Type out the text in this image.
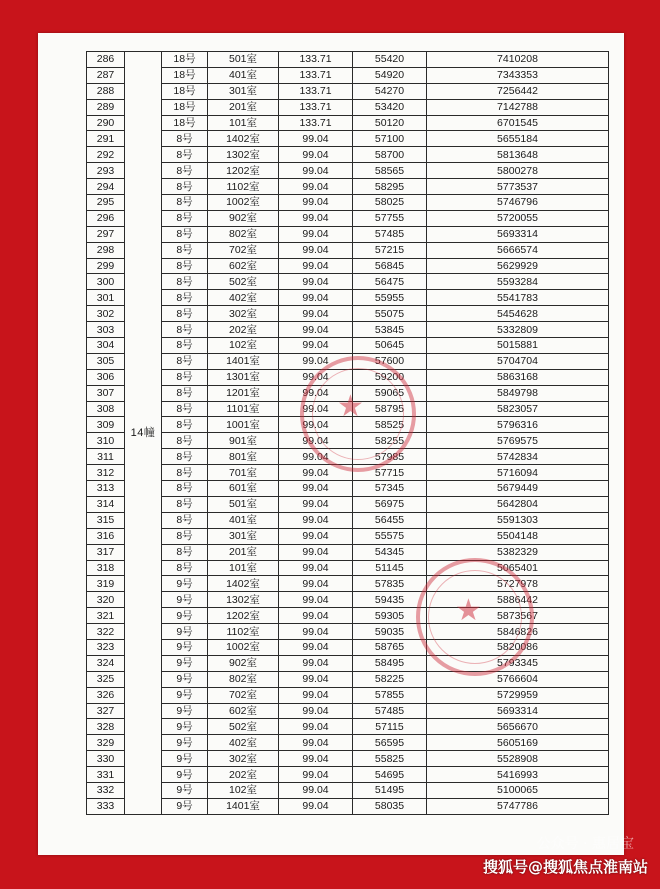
286	14幢	18号	501室	133.71	55420	7410208
287		18号	401室	133.71	54920	7343353
288		18号	301室	133.71	54270	7256442
289		18号	201室	133.71	53420	7142788
290		18号	101室	133.71	50120	6701545
291		8号	1402室	99.04	57100	5655184
292		8号	1302室	99.04	58700	5813648
293		8号	1202室	99.04	58565	5800278
294		8号	1102室	99.04	58295	5773537
295		8号	1002室	99.04	58025	5746796
296		8号	902室	99.04	57755	5720055
297		8号	802室	99.04	57485	5693314
298		8号	702室	99.04	57215	5666574
299		8号	602室	99.04	56845	5629929
300		8号	502室	99.04	56475	5593284
301		8号	402室	99.04	55955	5541783
302		8号	302室	99.04	55075	5454628
303		8号	202室	99.04	53845	5332809
304		8号	102室	99.04	50645	5015881
305		8号	1401室	99.04	57600	5704704
306		8号	1301室	99.04	59200	5863168
307		8号	1201室	99.04	59065	5849798
308		8号	1101室	99.04	58795	5823057
309		8号	1001室	99.04	58525	5796316
310		8号	901室	99.04	58255	5769575
311		8号	801室	99.04	57985	5742834
312		8号	701室	99.04	57715	5716094
313		8号	601室	99.04	57345	5679449
314		8号	501室	99.04	56975	5642804
315		8号	401室	99.04	56455	5591303
316		8号	301室	99.04	55575	5504148
317		8号	201室	99.04	54345	5382329
318		8号	101室	99.04	51145	5065401
319		9号	1402室	99.04	57835	5727978
320		9号	1302室	99.04	59435	5886442
321		9号	1202室	99.04	59305	5873567
322		9号	1102室	99.04	59035	5846826
323		9号	1002室	99.04	58765	5820086
324		9号	902室	99.04	58495	5793345
325		9号	802室	99.04	58225	5766604
326		9号	702室	99.04	57855	5729959
327		9号	602室	99.04	57485	5693314
328		9号	502室	99.04	57115	5656670
329		9号	402室	99.04	56595	5605169
330		9号	302室	99.04	55825	5528908
331		9号	202室	99.04	54695	5416993
332		9号	102室	99.04	51495	5100065
333		9号	1401室	99.04	58035	5747786
★
★
公众号 · 惠居宝
搜狐号@搜狐焦点淮南站
